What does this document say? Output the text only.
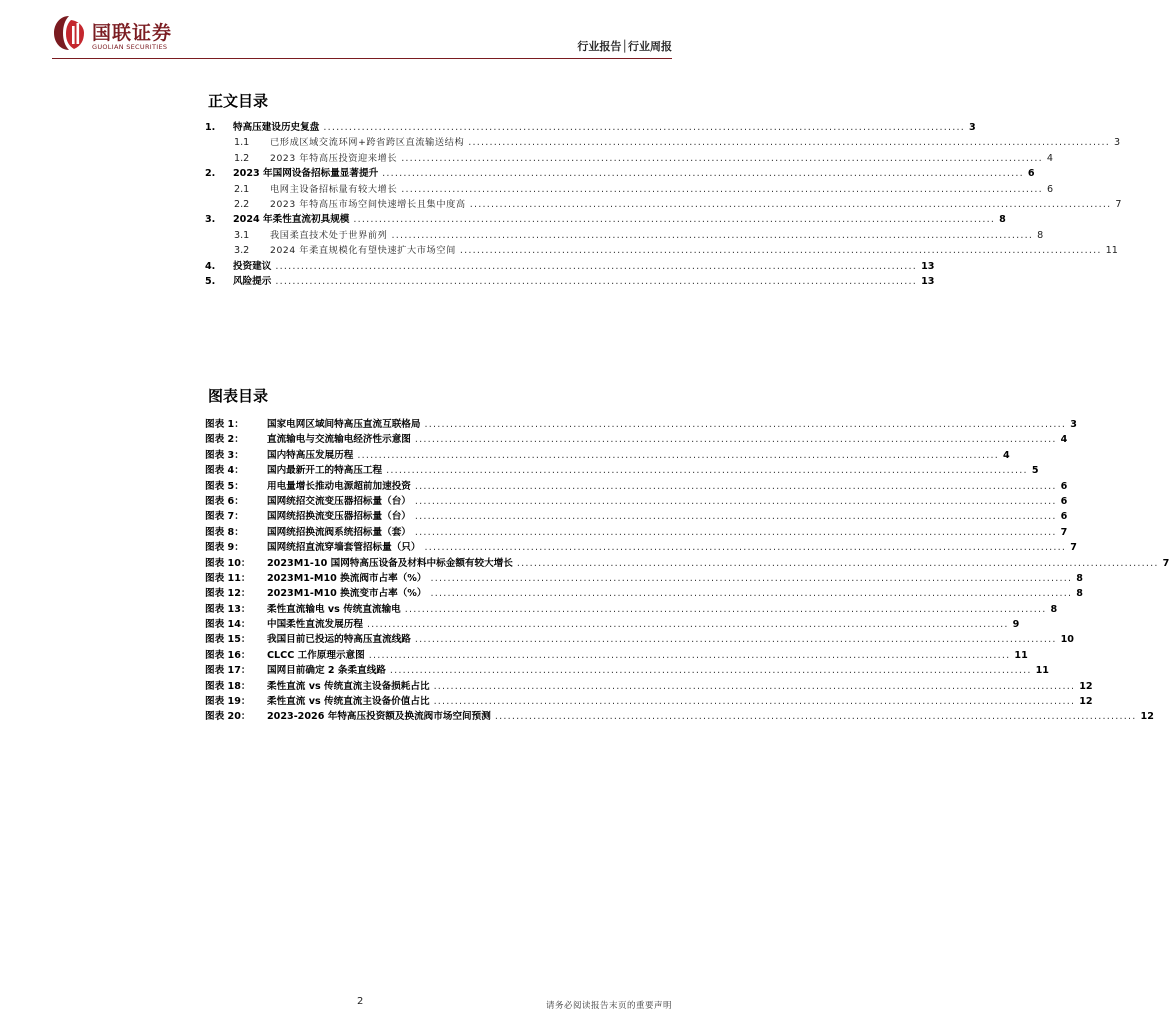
国联证券
GUOLIAN SECURITIES	行业报告│行业周报
正文目录
1.	特高压建设历史复盘 .....	3
1.1	已形成区域交流环网+跨省跨区直流输送结构 .....	3
1.2	2023 年特高压投资迎来增长 .....	4
2.	2023 年国网设备招标量显著提升 .....	6
2.1	电网主设备招标量有较大增长 .....	6
2.2	2023 年特高压市场空间快速增长且集中度高 .....	7
3.	2024 年柔性直流初具规模 .....	8
3.1	我国柔直技术处于世界前列 .....	8
3.2	2024 年柔直规模化有望快速扩大市场空间 .....	11
4.	投资建议 .....	13
5.	风险提示 .....	13
图表目录
图表 1：	国家电网区域间特高压直流互联格局 .....	3
图表 2：	直流输电与交流输电经济性示意图 .....	4
图表 3：	国内特高压发展历程 .....	4
图表 4：	国内最新开工的特高压工程 .....	5
图表 5：	用电量增长推动电源超前加速投资 .....	6
图表 6：	国网统招交流变压器招标量（台） .....	6
图表 7：	国网统招换流变压器招标量（台） .....	6
图表 8：	国网统招换流阀系统招标量（套） .....	7
图表 9：	国网统招直流穿墙套管招标量（只） .....	7
图表 10：	2023M1-10 国网特高压设备及材料中标金额有较大增长 .....	7
图表 11：	2023M1-M10 换流阀市占率（%） .....	8
图表 12：	2023M1-M10 换流变市占率（%） .....	8
图表 13：	柔性直流输电 vs 传统直流输电 .....	8
图表 14：	中国柔性直流发展历程 .....	9
图表 15：	我国目前已投运的特高压直流线路 .....	10
图表 16：	CLCC 工作原理示意图 .....	11
图表 17：	国网目前确定 2 条柔直线路 .....	11
图表 18：	柔性直流 vs 传统直流主设备损耗占比 .....	12
图表 19：	柔性直流 vs 传统直流主设备价值占比 .....	12
图表 20：	2023-2026 年特高压投资额及换流阀市场空间预测 .....	12
2	请务必阅读报告末页的重要声明
